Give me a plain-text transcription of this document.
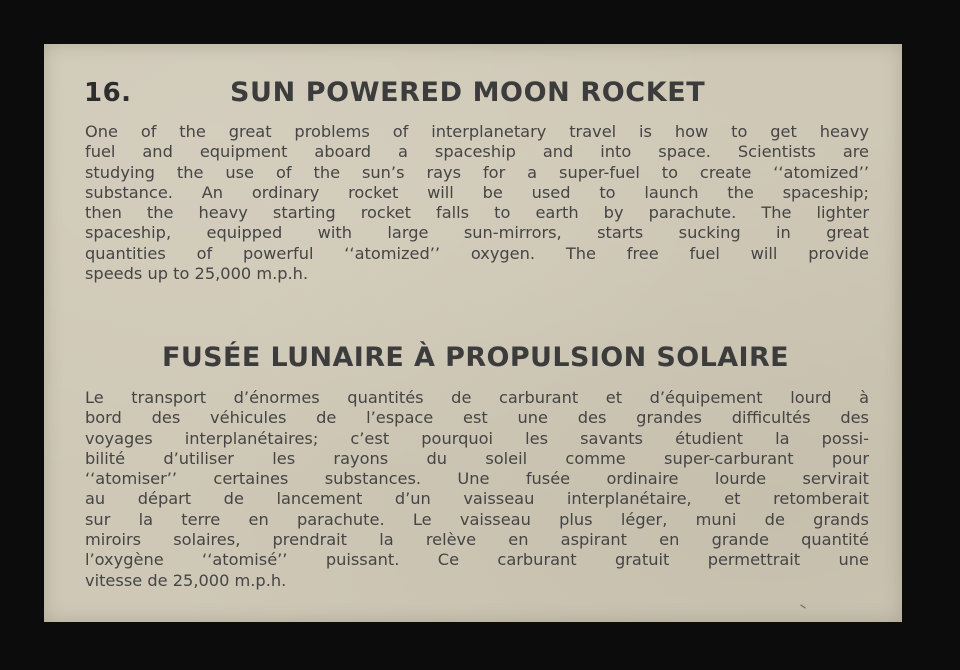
16.	SUN POWERED MOON ROCKET
One of the great problems of interplanetary travel is how to get heavy
fuel and equipment aboard a spaceship and into space. Scientists are
studying the use of the sun’s rays for a super-fuel to create ‘‘atomized’’
substance. An ordinary rocket will be used to launch the spaceship;
then the heavy starting rocket falls to earth by parachute. The lighter
spaceship, equipped with large sun-mirrors, starts sucking in great
quantities of powerful ‘‘atomized’’ oxygen. The free fuel will provide
speeds up to 25,000 m.p.h.
FUSÉE LUNAIRE À PROPULSION SOLAIRE
Le transport d’énormes quantités de carburant et d’équipement lourd à
bord des véhicules de l’espace est une des grandes difficultés des
voyages interplanétaires; c’est pourquoi les savants étudient la possi-
bilité d’utiliser les rayons du soleil comme super-carburant pour
‘‘atomiser’’ certaines substances. Une fusée ordinaire lourde servirait
au départ de lancement d’un vaisseau interplanétaire, et retomberait
sur la terre en parachute. Le vaisseau plus léger, muni de grands
miroirs solaires, prendrait la relève en aspirant en grande quantité
l’oxygène ‘‘atomisé’’ puissant. Ce carburant gratuit permettrait une
vitesse de 25,000 m.p.h.
